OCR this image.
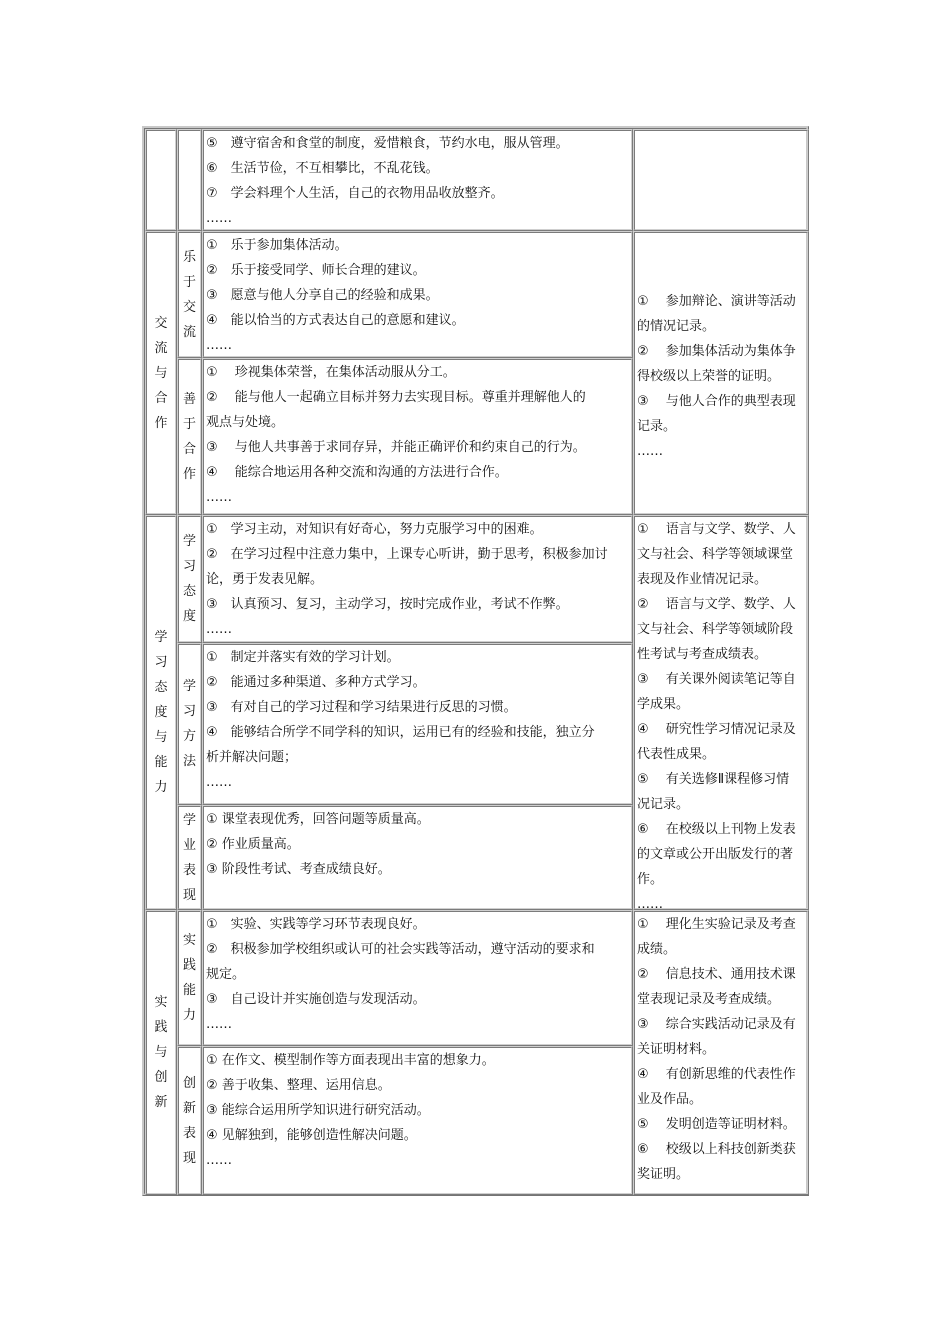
⑤　遵守宿舍和食堂的制度，爱惜粮食，节约水电，服从管理。
⑥　生活节俭，不互相攀比，不乱花钱。
⑦　学会料理个人生活，自己的衣物用品收放整齐。
……
交
流
与
合
作
乐
于
交
流
①　乐于参加集体活动。
②　乐于接受同学、师长合理的建议。
③　愿意与他人分享自己的经验和成果。
④　能以恰当的方式表达自己的意愿和建议。
……
善
于
合
作
①　 珍视集体荣誉，在集体活动服从分工。
②　 能与他人一起确立目标并努力去实现目标。尊重并理解他人的
观点与处境。
③　 与他人共事善于求同存异，并能正确评价和约束自己的行为。
④　 能综合地运用各种交流和沟通的方法进行合作。
……
①　 参加辩论、演讲等活动
的情况记录。
②　 参加集体活动为集体争
得校级以上荣誉的证明。
③　 与他人合作的典型表现
记录。
……
学
习
态
度
与
能
力
学
习
态
度
①　学习主动，对知识有好奇心，努力克服学习中的困难。
②　在学习过程中注意力集中，上课专心听讲，勤于思考，积极参加讨
论，勇于发表见解。
③　认真预习、复习，主动学习，按时完成作业，考试不作弊。
……
学
习
方
法
①　制定并落实有效的学习计划。
②　能通过多种渠道、多种方式学习。
③　有对自己的学习过程和学习结果进行反思的习惯。
④　能够结合所学不同学科的知识，运用已有的经验和技能，独立分
析并解决问题；
……
学
业
表
现
① 课堂表现优秀，回答问题等质量高。
② 作业质量高。
③ 阶段性考试、考查成绩良好。
①　 语言与文学、数学、人
文与社会、科学等领域课堂
表现及作业情况记录。
②　 语言与文学、数学、人
文与社会、科学等领域阶段
性考试与考查成绩表。
③　 有关课外阅读笔记等自
学成果。
④　 研究性学习情况记录及
代表性成果。
⑤　 有关选修Ⅱ课程修习情
况记录。
⑥　 在校级以上刊物上发表
的文章或公开出版发行的著
作。
……
实
践
与
创
新
实
践
能
力
①　实验、实践等学习环节表现良好。
②　积极参加学校组织或认可的社会实践等活动，遵守活动的要求和
规定。
③　自己设计并实施创造与发现活动。
……
创
新
表
现
① 在作文、模型制作等方面表现出丰富的想象力。
② 善于收集、整理、运用信息。
③ 能综合运用所学知识进行研究活动。
④ 见解独到，能够创造性解决问题。
……
①　 理化生实验记录及考查
成绩。
②　 信息技术、通用技术课
堂表现记录及考查成绩。
③　 综合实践活动记录及有
关证明材料。
④　 有创新思维的代表性作
业及作品。
⑤　 发明创造等证明材料。
⑥　 校级以上科技创新类获
奖证明。
